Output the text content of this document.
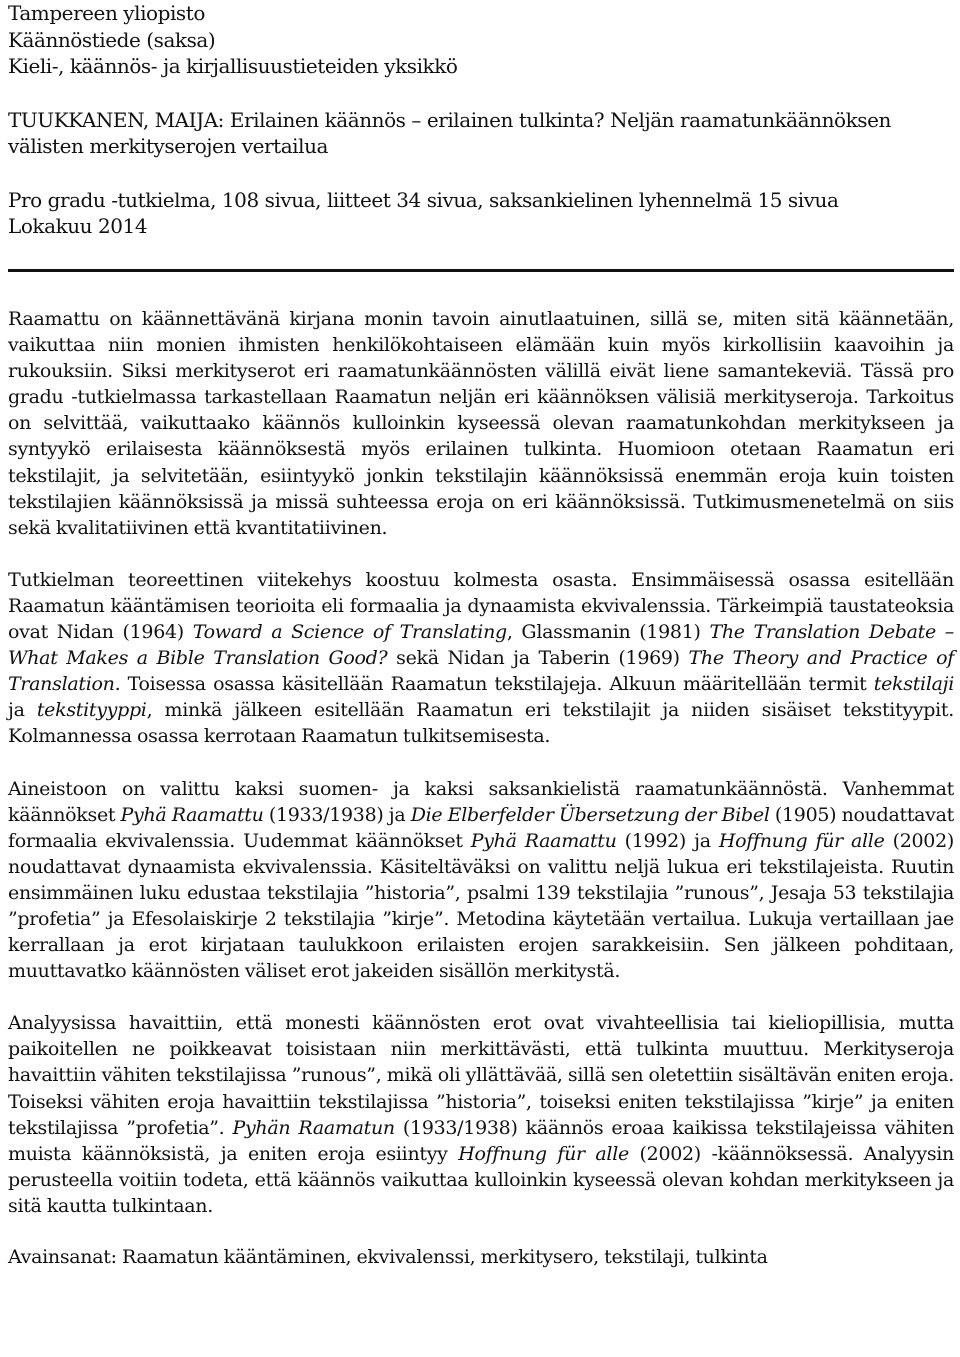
Tampereen yliopisto

Käännöstiede (saksa)

Kieli-, käännös- ja kirjallisuustieteiden yksikkö

TUUKKANEN, MAIJA: Erilainen käännös – erilainen tulkinta? Neljän raamatunkäännöksen välisten merkityserojen vertailua

Pro gradu -tutkielma, 108 sivua, liitteet 34 sivua, saksankielinen lyhennelmä 15 sivua

Lokakuu 2014

Raamattu on käännettävänä kirjana monin tavoin ainutlaatuinen, sillä se, miten sitä käännetään, vaikuttaa niin monien ihmisten henkilökohtaiseen elämään kuin myös kirkollisiin kaavoihin ja rukouksiin. Siksi merkityserot eri raamatunkäännösten välillä eivät liene samantekeviä. Tässä pro gradu -tutkielmassa tarkastellaan Raamatun neljän eri käännöksen välisiä merkityseroja. Tarkoitus on selvittää, vaikuttaako käännös kulloinkin kyseessä olevan raamatunkohdan merkitykseen ja syntyykö erilaisesta käännöksestä myös erilainen tulkinta. Huomioon otetaan Raamatun eri tekstilajit, ja selvitetään, esiintyykö jonkin tekstilajin käännöksissä enemmän eroja kuin toisten tekstilajien käännöksissä ja missä suhteessa eroja on eri käännöksissä. Tutkimusmenetelmä on siis sekä kvalitatiivinen että kvantitatiivinen.

Tutkielman teoreettinen viitekehys koostuu kolmesta osasta. Ensimmäisessä osassa esitellään Raamatun kääntämisen teorioita eli formaalia ja dynaamista ekvivalenssia. Tärkeimpiä taustateoksia ovat Nidan (1964) Toward a Science of Translating, Glassmanin (1981) The Translation Debate – What Makes a Bible Translation Good? sekä Nidan ja Taberin (1969) The Theory and Practice of Translation. Toisessa osassa käsitellään Raamatun tekstilajeja. Alkuun määritellään termit tekstilaji ja tekstityyppi, minkä jälkeen esitellään Raamatun eri tekstilajit ja niiden sisäiset tekstityypit. Kolmannessa osassa kerrotaan Raamatun tulkitsemisesta.

Aineistoon on valittu kaksi suomen- ja kaksi saksankielistä raamatunkäännöstä. Vanhemmat käännökset Pyhä Raamattu (1933/1938) ja Die Elberfelder Übersetzung der Bibel (1905) noudattavat formaalia ekvivalenssia. Uudemmat käännökset Pyhä Raamattu (1992) ja Hoffnung für alle (2002) noudattavat dynaamista ekvivalenssia. Käsiteltäväksi on valittu neljä lukua eri tekstilajeista. Ruutin ensimmäinen luku edustaa tekstilajia ”historia”, psalmi 139 tekstilajia ”runous”, Jesaja 53 tekstilajia ”profetia” ja Efesolaiskirje 2 tekstilajia ”kirje”. Metodina käytetään vertailua. Lukuja vertaillaan jae kerrallaan ja erot kirjataan taulukkoon erilaisten erojen sarakkeisiin. Sen jälkeen pohditaan, muuttavatko käännösten väliset erot jakeiden sisällön merkitystä.

Analyysissa havaittiin, että monesti käännösten erot ovat vivahteellisia tai kieliopillisia, mutta paikoitellen ne poikkeavat toisistaan niin merkittävästi, että tulkinta muuttuu. Merkityseroja havaittiin vähiten tekstilajissa ”runous”, mikä oli yllättävää, sillä sen oletettiin sisältävän eniten eroja. Toiseksi vähiten eroja havaittiin tekstilajissa ”historia”, toiseksi eniten tekstilajissa ”kirje” ja eniten tekstilajissa ”profetia”. Pyhän Raamatun (1933/1938) käännös eroaa kaikissa tekstilajeissa vähiten muista käännöksistä, ja eniten eroja esiintyy Hoffnung für alle (2002) -käännöksessä. Analyysin perusteella voitiin todeta, että käännös vaikuttaa kulloinkin kyseessä olevan kohdan merkitykseen ja sitä kautta tulkintaan.

Avainsanat: Raamatun kääntäminen, ekvivalenssi, merkitysero, tekstilaji, tulkinta
